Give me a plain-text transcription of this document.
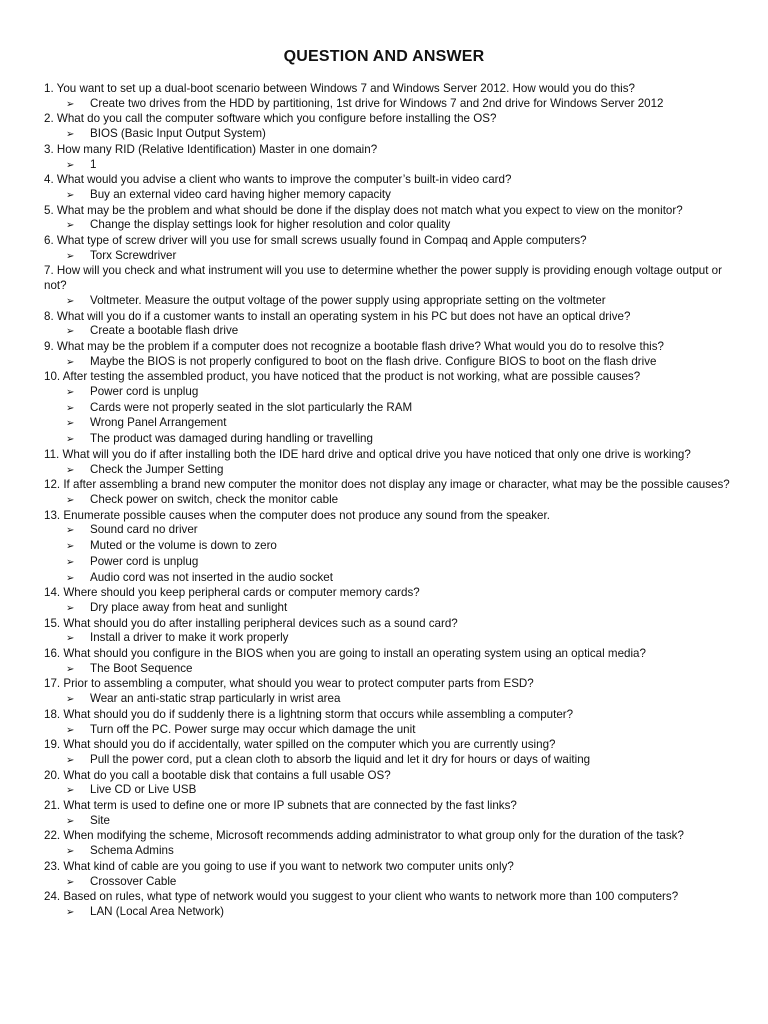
QUESTION AND ANSWER

1. You want to set up a dual-boot scenario between Windows 7 and Windows Server 2012. How would you do this?

➢ Create two drives from the HDD by partitioning, 1st drive for Windows 7 and 2nd drive for Windows Server 2012

2. What do you call the computer software which you configure before installing the OS?

➢ BIOS (Basic Input Output System)

3. How many RID (Relative Identification) Master in one domain?

➢ 1

4. What would you advise a client who wants to improve the computer’s built-in video card?

➢ Buy an external video card having higher memory capacity

5. What may be the problem and what should be done if the display does not match what you expect to view on the monitor?

➢ Change the display settings look for higher resolution and color quality

6. What type of screw driver will you use for small screws usually found in Compaq and Apple computers?

➢ Torx Screwdriver

7. How will you check and what instrument will you use to determine whether the power supply is providing enough voltage output or not?

➢ Voltmeter. Measure the output voltage of the power supply using appropriate setting on the voltmeter

8. What will you do if a customer wants to install an operating system in his PC but does not have an optical drive?

➢ Create a bootable flash drive

9. What may be the problem if a computer does not recognize a bootable flash drive? What would you do to resolve this?

➢ Maybe the BIOS is not properly configured to boot on the flash drive. Configure BIOS to boot on the flash drive

10. After testing the assembled product, you have noticed that the product is not working, what are possible causes?

➢ Power cord is unplug

➢ Cards were not properly seated in the slot particularly the RAM

➢ Wrong Panel Arrangement

➢ The product was damaged during handling or travelling

11. What will you do if after installing both the IDE hard drive and optical drive you have noticed that only one drive is working?

➢ Check the Jumper Setting

12. If after assembling a brand new computer the monitor does not display any image or character, what may be the possible causes?

➢ Check power on switch, check the monitor cable

13. Enumerate possible causes when the computer does not produce any sound from the speaker.

➢ Sound card no driver

➢ Muted or the volume is down to zero

➢ Power cord is unplug

➢ Audio cord was not inserted in the audio socket

14. Where should you keep peripheral cards or computer memory cards?

➢ Dry place away from heat and sunlight

15. What should you do after installing peripheral devices such as a sound card?

➢ Install a driver to make it work properly

16. What should you configure in the BIOS when you are going to install an operating system using an optical media?

➢ The Boot Sequence

17. Prior to assembling a computer, what should you wear to protect computer parts from ESD?

➢ Wear an anti-static strap particularly in wrist area

18. What should you do if suddenly there is a lightning storm that occurs while assembling a computer?

➢ Turn off the PC. Power surge may occur which damage the unit

19. What should you do if accidentally, water spilled on the computer which you are currently using?

➢ Pull the power cord, put a clean cloth to absorb the liquid and let it dry for hours or days of waiting

20. What do you call a bootable disk that contains a full usable OS?

➢ Live CD or Live USB

21. What term is used to define one or more IP subnets that are connected by the fast links?

➢ Site

22. When modifying the scheme, Microsoft recommends adding administrator to what group only for the duration of the task?

➢ Schema Admins

23. What kind of cable are you going to use if you want to network two computer units only?

➢ Crossover Cable

24. Based on rules, what type of network would you suggest to your client who wants to network more than 100 computers?

➢ LAN (Local Area Network)
